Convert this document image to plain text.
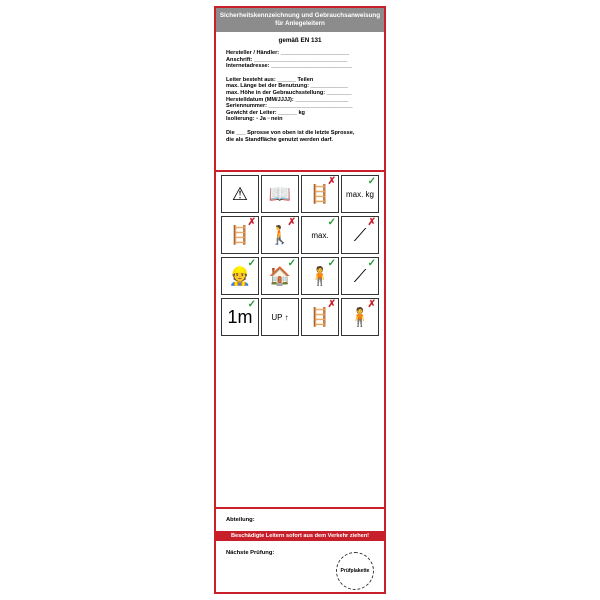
Sicherheitskennzeichnung und Gebrauchsanweisung
für Anlegeleitern
gemäß EN 131
Hersteller / Händler: ______________________
Anschrift: ______________________________
Internetadresse: __________________________
Leiter besteht aus: ______ Teilen
max. Länge bei der Benutzung: ____________
max. Höhe in der Gebrauchsstellung: ________
Herstelldatum (MM/JJJJ): _________________
Seriennummer: ___________________________
Gewicht der Leiter: ______ kg
Isolierung: ▫ Ja ▫ nein
Die ___ Sprosse von oben ist die letzte Sprosse,
die als Standfläche genutzt werden darf.
⚠ 📖 🪜
✗
max. kg
✓
🪜
✗
🚶
✗
max.
✓
⟋
✗
👷
✓
🏠
✓
🧍
✓
⟋
✓
1m
✓
UP ↑ 🪜
✗
🧍
✗
Abteilung:
Beschädigte Leitern sofort aus dem Verkehr ziehen!
Nächste Prüfung:
Prüfplakette
